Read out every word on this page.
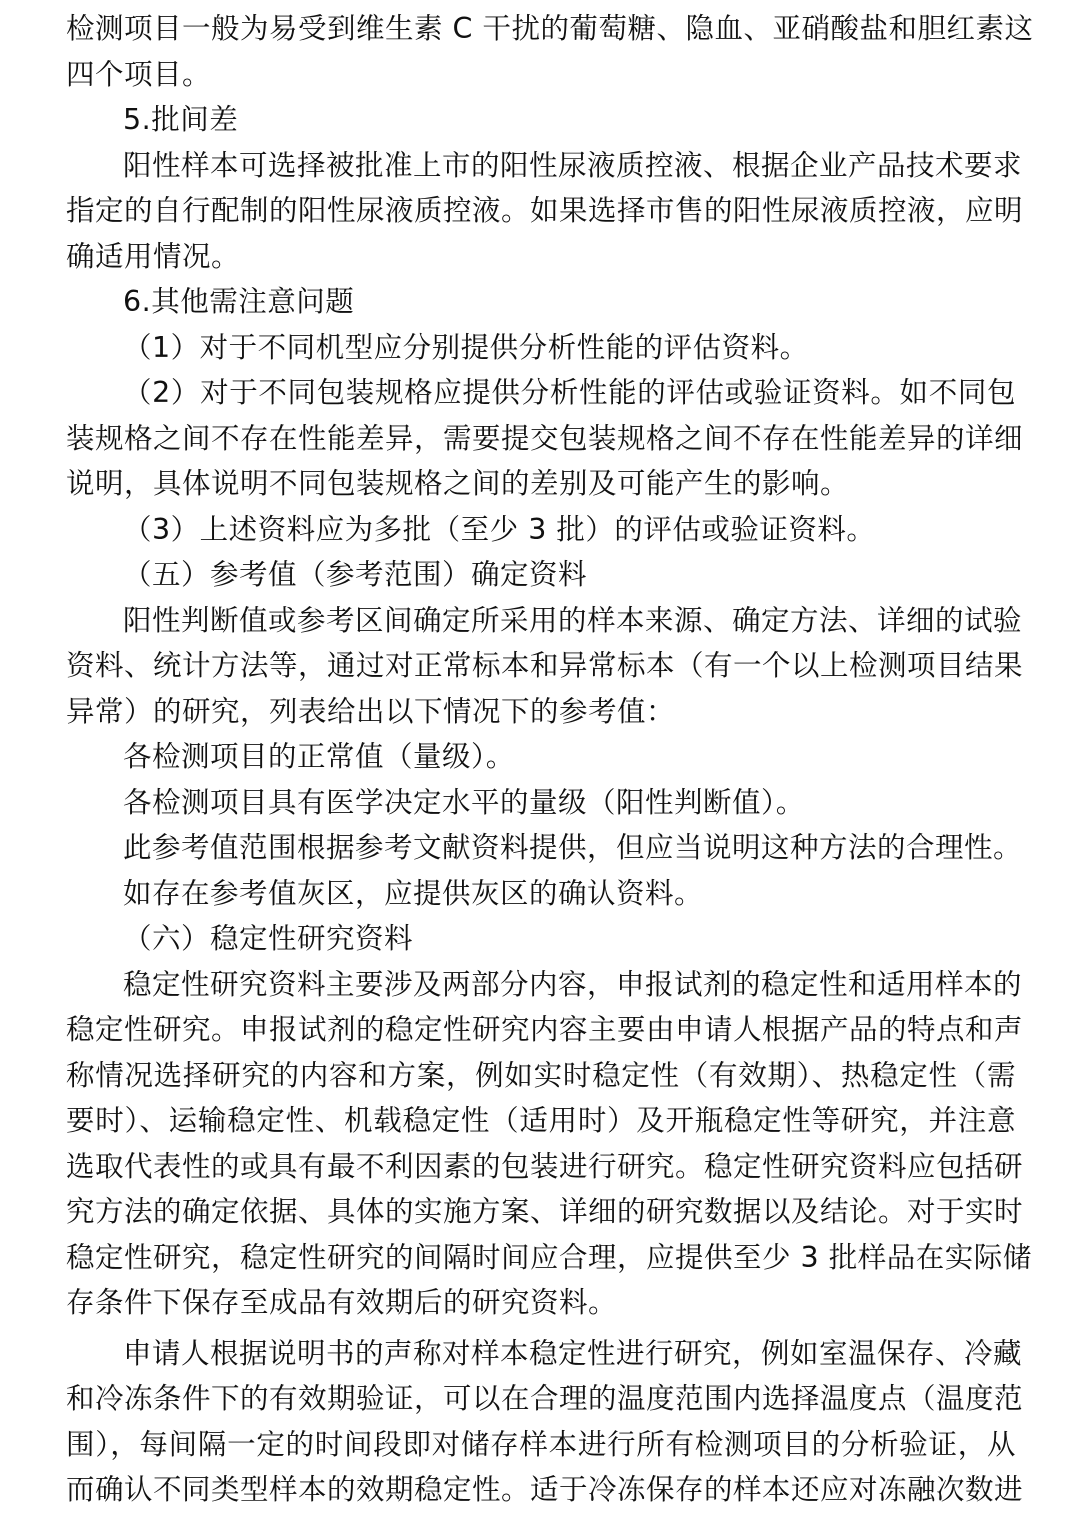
检测项目一般为易受到维生素 C 干扰的葡萄糖、隐血、亚硝酸盐和胆红素这
四个项目。
5.批间差
阳性样本可选择被批准上市的阳性尿液质控液、根据企业产品技术要求
指定的自行配制的阳性尿液质控液。如果选择市售的阳性尿液质控液，应明
确适用情况。
6.其他需注意问题
（1）对于不同机型应分别提供分析性能的评估资料。
（2）对于不同包装规格应提供分析性能的评估或验证资料。如不同包
装规格之间不存在性能差异，需要提交包装规格之间不存在性能差异的详细
说明，具体说明不同包装规格之间的差别及可能产生的影响。
（3）上述资料应为多批（至少 3 批）的评估或验证资料。
（五）参考值（参考范围）确定资料
阳性判断值或参考区间确定所采用的样本来源、确定方法、详细的试验
资料、统计方法等，通过对正常标本和异常标本（有一个以上检测项目结果
异常）的研究，列表给出以下情况下的参考值：
各检测项目的正常值（量级）。
各检测项目具有医学决定水平的量级（阳性判断值）。
此参考值范围根据参考文献资料提供，但应当说明这种方法的合理性。
如存在参考值灰区，应提供灰区的确认资料。
（六）稳定性研究资料
稳定性研究资料主要涉及两部分内容，申报试剂的稳定性和适用样本的
稳定性研究。申报试剂的稳定性研究内容主要由申请人根据产品的特点和声
称情况选择研究的内容和方案，例如实时稳定性（有效期）、热稳定性（需
要时）、运输稳定性、机载稳定性（适用时）及开瓶稳定性等研究，并注意
选取代表性的或具有最不利因素的包装进行研究。稳定性研究资料应包括研
究方法的确定依据、具体的实施方案、详细的研究数据以及结论。对于实时
稳定性研究，稳定性研究的间隔时间应合理，应提供至少 3 批样品在实际储
存条件下保存至成品有效期后的研究资料。
申请人根据说明书的声称对样本稳定性进行研究，例如室温保存、冷藏
和冷冻条件下的有效期验证，可以在合理的温度范围内选择温度点（温度范
围），每间隔一定的时间段即对储存样本进行所有检测项目的分析验证，从
而确认不同类型样本的效期稳定性。适于冷冻保存的样本还应对冻融次数进
